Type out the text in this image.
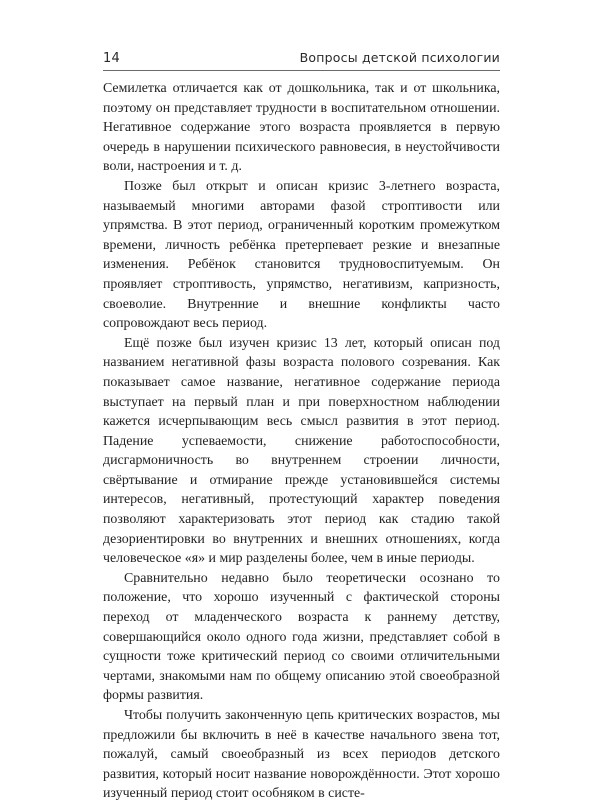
14	Вопросы детской психологии

Семилетка отличается как от дошкольника, так и от школьника, поэтому он представляет трудности в воспитательном отношении. Негативное содержание этого возраста проявляется в первую очередь в нарушении психического равновесия, в неустойчивости воли, настроения и т. д.

Позже был открыт и описан кризис 3-летнего возраста, называемый многими авторами фазой строптивости или упрямства. В этот период, ограниченный коротким промежутком времени, личность ребёнка претерпевает резкие и внезапные изменения. Ребёнок становится трудновоспитуемым. Он проявляет строптивость, упрямство, негативизм, капризность, своеволие. Внутренние и внешние конфликты часто сопровождают весь период.

Ещё позже был изучен кризис 13 лет, который описан под названием негативной фазы возраста полового созревания. Как показывает самое название, негативное содержание периода выступает на первый план и при поверхностном наблюдении кажется исчерпывающим весь смысл развития в этот период. Падение успеваемости, снижение работоспособности, дисгармоничность во внутреннем строении личности, свёртывание и отмирание прежде установившейся системы интересов, негативный, протестующий характер поведения позволяют характеризовать этот период как стадию такой дезориентировки во внутренних и внешних отношениях, когда человеческое «я» и мир разделены более, чем в иные периоды.

Сравнительно недавно было теоретически осознано то положение, что хорошо изученный с фактической стороны переход от младенческого возраста к раннему детству, совершающийся около одного года жизни, представляет собой в сущности тоже критический период со своими отличительными чертами, знакомыми нам по общему описанию этой своеобразной формы развития.

Чтобы получить законченную цепь критических возрастов, мы предложили бы включить в неё в качестве начального звена тот, пожалуй, самый своеобразный из всех периодов детского развития, который носит название новорождённости. Этот хорошо изученный период стоит особняком в систе-
